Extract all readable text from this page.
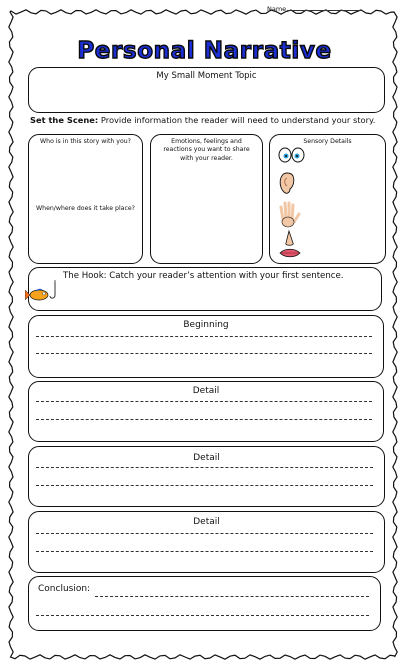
Name
Personal Narrative
My Small Moment Topic
Set the Scene: Provide information the reader will need to understand your story.
Who is in this story with you?
When/where does it take place?
Emotions, feelings and reactions you want to share with your reader.
Sensory Details
The Hook: Catch your reader’s attention with your first sentence.
Beginning
Detail
Detail
Detail
Conclusion:
